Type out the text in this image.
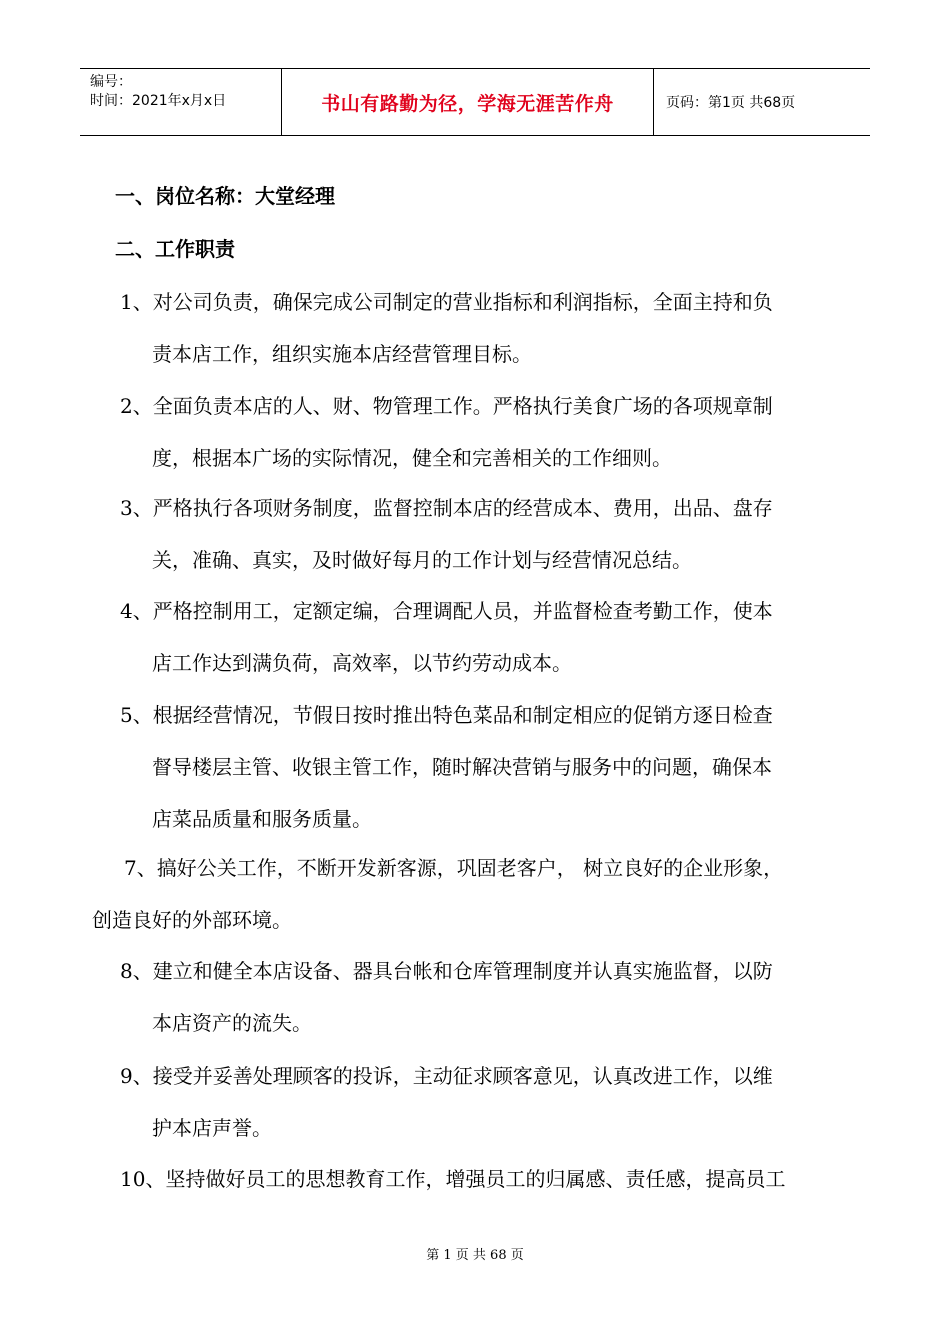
编号：
时间：2021年x月x日	书山有路勤为径，学海无涯苦作舟	页码：第1页 共68页
一、岗位名称：大堂经理
二、工作职责
1、对公司负责，确保完成公司制定的营业指标和利润指标，全面主持和负
责本店工作，组织实施本店经营管理目标。
2、全面负责本店的人、财、物管理工作。严格执行美食广场的各项规章制
度，根据本广场的实际情况，健全和完善相关的工作细则。
3、严格执行各项财务制度，监督控制本店的经营成本、费用，出品、盘存
关，准确、真实，及时做好每月的工作计划与经营情况总结。
4、严格控制用工，定额定编，合理调配人员，并监督检查考勤工作，使本
店工作达到满负荷，高效率，以节约劳动成本。
5、根据经营情况，节假日按时推出特色菜品和制定相应的促销方逐日检查
督导楼层主管、收银主管工作，随时解决营销与服务中的问题，确保本
店菜品质量和服务质量。
7、搞好公关工作，不断开发新客源，巩固老客户， 树立良好的企业形象，
创造良好的外部环境。
8、建立和健全本店设备、器具台帐和仓库管理制度并认真实施监督，以防
本店资产的流失。
9、接受并妥善处理顾客的投诉，主动征求顾客意见，认真改进工作，以维
护本店声誉。
10、坚持做好员工的思想教育工作，增强员工的归属感、责任感，提高员工
第 1 页 共 68 页
